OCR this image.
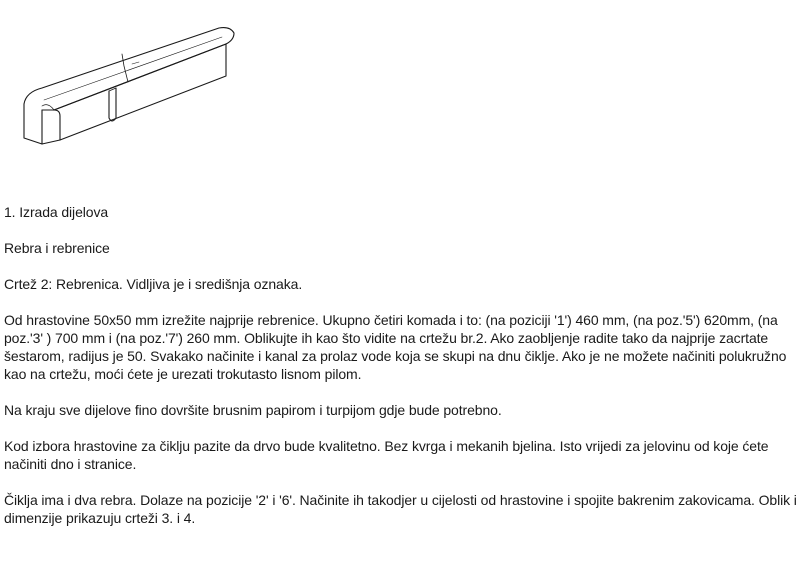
1. Izrada dijelova

Rebra i rebrenice

Crtež 2: Rebrenica. Vidljiva je i središnja oznaka.

Od hrastovine 50x50 mm izrežite najprije rebrenice. Ukupno četiri komada i to: (na poziciji '1') 460 mm, (na poz.'5') 620mm, (na poz.'3' ) 700 mm i (na poz.'7') 260 mm. Oblikujte ih kao što vidite na crtežu br.2. Ako zaobljenje radite tako da najprije zacrtate šestarom, radijus je 50. Svakako načinite i kanal za prolaz vode koja se skupi na dnu čiklje. Ako je ne možete načiniti polukružno kao na crtežu, moći ćete je urezati trokutasto lisnom pilom.

Na kraju sve dijelove fino dovršite brusnim papirom i turpijom gdje bude potrebno.

Kod izbora hrastovine za čiklju pazite da drvo bude kvalitetno. Bez kvrga i mekanih bjelina. Isto vrijedi za jelovinu od koje ćete načiniti dno i stranice.

Čiklja ima i dva rebra. Dolaze na pozicije '2' i '6'. Načinite ih takodjer u cijelosti od hrastovine i spojite bakrenim zakovicama. Oblik i dimenzije prikazuju crteži 3. i 4.
